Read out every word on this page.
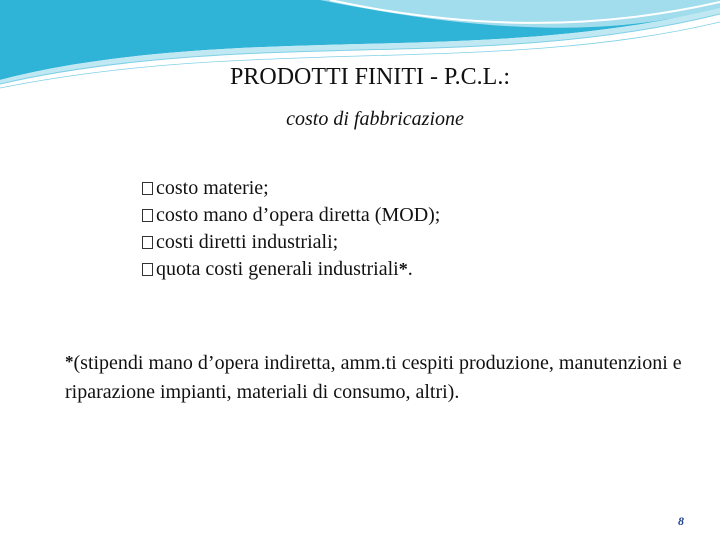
PRODOTTI FINITI - P.C.L.:
costo di fabbricazione
costo materie;
costo mano d’opera diretta (MOD);
costi diretti industriali;
quota costi generali industriali * .
*(stipendi mano d’opera indiretta, amm.ti cespiti produzione, manutenzioni e riparazione impianti, materiali di consumo, altri).
8
